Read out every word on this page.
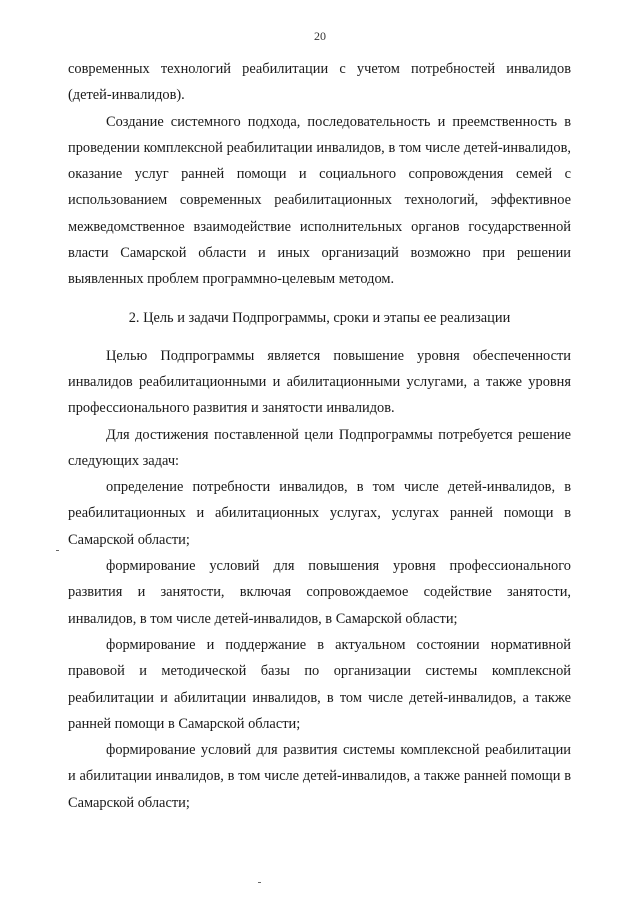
20

современных технологий реабилитации с учетом потребностей инвалидов (детей-инвалидов).

Создание системного подхода, последовательность и преемственность в проведении комплексной реабилитации инвалидов, в том числе детей-инвалидов, оказание услуг ранней помощи и социального сопровождения семей с использованием современных реабилитационных технологий, эффективное межведомственное взаимодействие исполнительных органов государственной власти Самарской области и иных организаций возможно при решении выявленных проблем программно-целевым методом.

2. Цель и задачи Подпрограммы, сроки и этапы ее реализации

Целью Подпрограммы является повышение уровня обеспеченности инвалидов реабилитационными и абилитационными услугами, а также уровня профессионального развития и занятости инвалидов.

Для достижения поставленной цели Подпрограммы потребуется решение следующих задач:

определение потребности инвалидов, в том числе детей-инвалидов, в реабилитационных и абилитационных услугах, услугах ранней помощи в Самарской области;

формирование условий для повышения уровня профессионального развития и занятости, включая сопровождаемое содействие занятости, инвалидов, в том числе детей-инвалидов, в Самарской области;

формирование и поддержание в актуальном состоянии нормативной правовой и методической базы по организации системы комплексной реабилитации и абилитации инвалидов, в том числе детей-инвалидов, а также ранней помощи в Самарской области;

формирование условий для развития системы комплексной реабилитации и абилитации инвалидов, в том числе детей-инвалидов, а также ранней помощи в Самарской области;
